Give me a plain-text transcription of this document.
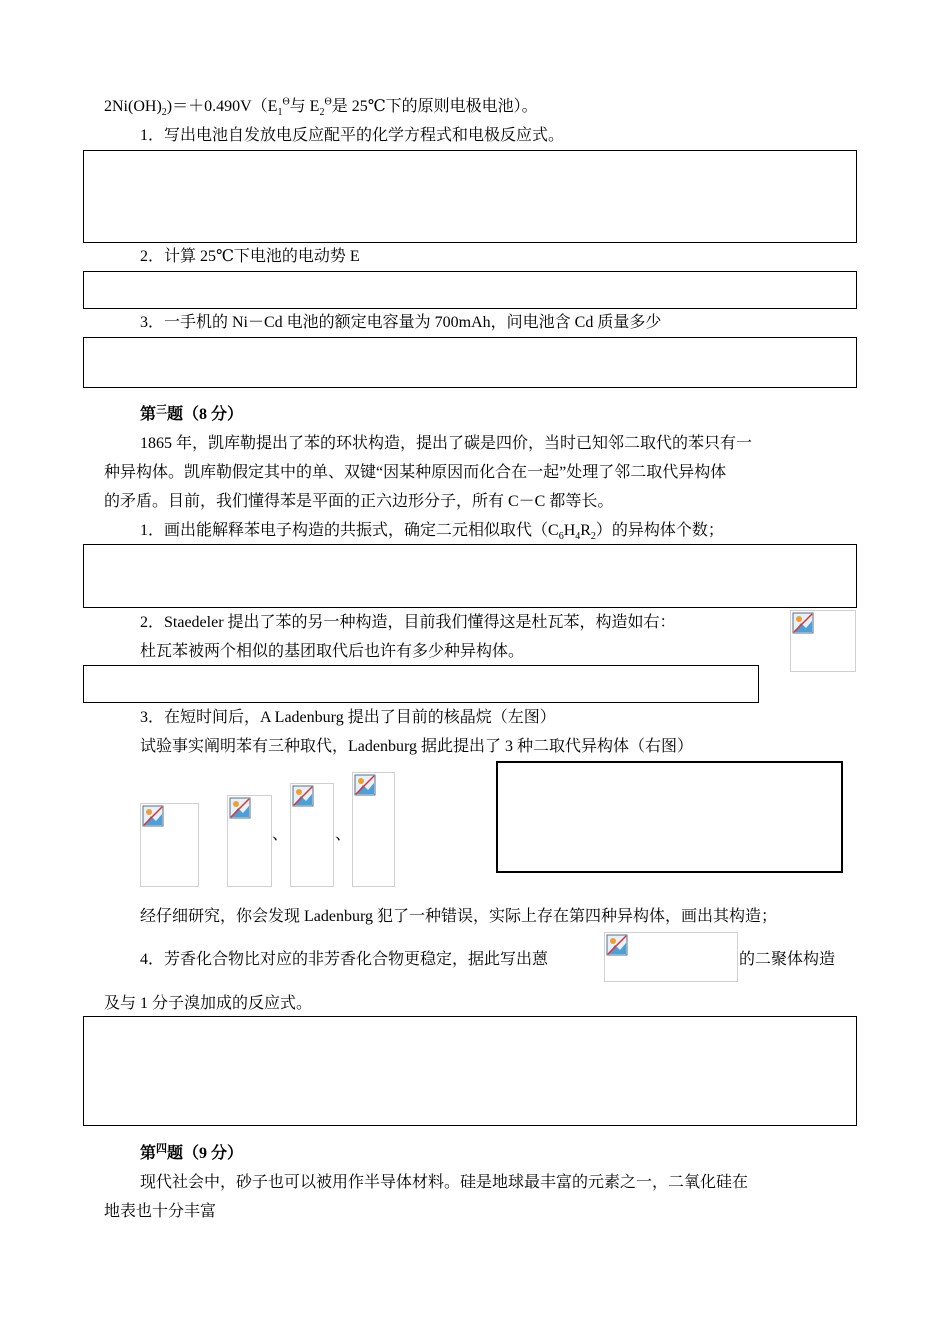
$2Ni(OH)_2)=+0.490V(E_1^\Theta$与 $E_2^\Theta$是 25℃下的原则电极电池）。
1．写出电池自发放电反应配平的化学方程式和电极反应式。
2．计算 25℃下电池的电动势 E
3．一手机的 Ni－Cd 电池的额定电容量为 700mAh，问电池含 Cd 质量多少
第$^三$题（8 分）
1865 年，凯库勒提出了苯的环状构造，提出了碳是四价，当时已知邻二取代的苯只有一
种异构体。凯库勒假定其中的单、双键“因某种原因而化合在一起”处理了邻二取代异构体
的矛盾。目前，我们懂得苯是平面的正六边形分子，所有 C－C 都等长。
1．画出能解释苯电子构造的共振式，确定二元相似取代$(C_6H_4R_2)$的异构体个数；
2．Staedeler 提出了苯的另一种构造，目前我们懂得这是杜瓦苯，构造如右：
杜瓦苯被两个相似的基团取代后也许有多少种异构体。
3．在短时间后，A Ladenburg 提出了目前的核晶烷（左图）
试验事实阐明苯有三种取代，Ladenburg 据此提出了 3 种二取代异构体（右图）
、	、
经仔细研究，你会发现 Ladenburg 犯了一种错误，实际上存在第四种异构体，画出其构造；
4．芳香化合物比对应的非芳香化合物更稳定，据此写出蒽	的二聚体构造
及与 1 分子溴加成的反应式。
第$^四$题（9 分）
现代社会中，砂子也可以被用作半导体材料。硅是地球最丰富的元素之一，二氧化硅在
地表也十分丰富
